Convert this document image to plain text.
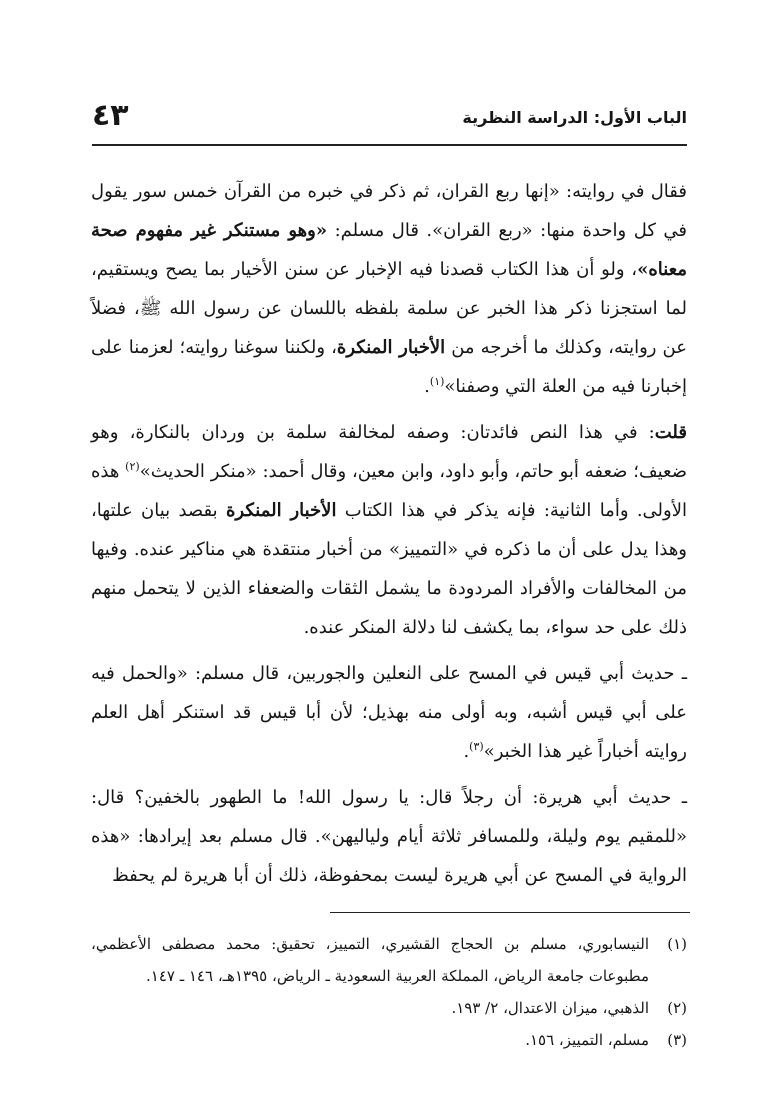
الباب الأول: الدراسة النظرية
٤٣

فقال في روايته: «إنها ربع القران، ثم ذكر في خبره من القرآن خمس سور يقول في كل واحدة منها: «ربع القران». قال مسلم: «وهو مستنكر غير مفهوم صحة معناه»، ولو أن هذا الكتاب قصدنا فيه الإخبار عن سنن الأخيار بما يصح ويستقيم، لما استجزنا ذكر هذا الخبر عن سلمة بلفظه باللسان عن رسول الله ﷺ، فضلاً عن روايته، وكذلك ما أخرجه من الأخبار المنكرة، ولكننا سوغنا روايته؛ لعزمنا على إخبارنا فيه من العلة التي وصفنا»$^{(١)}$.

قلت: في هذا النص فائدتان: وصفه لمخالفة سلمة بن وردان بالنكارة، وهو ضعيف؛ ضعفه أبو حاتم، وأبو داود، وابن معين، وقال أحمد: «منكر الحديث»$^{(٢)}$ هذه الأولى. وأما الثانية: فإنه يذكر في هذا الكتاب الأخبار المنكرة بقصد بيان علتها، وهذا يدل على أن ما ذكره في «التمييز» من أخبار منتقدة هي مناكير عنده. وفيها من المخالفات والأفراد المردودة ما يشمل الثقات والضعفاء الذين لا يتحمل منهم ذلك على حد سواء، بما يكشف لنا دلالة المنكر عنده.

ـ حديث أبي قيس في المسح على النعلين والجوربين، قال مسلم: «والحمل فيه على أبي قيس أشبه، وبه أولى منه بهذيل؛ لأن أبا قيس قد استنكر أهل العلم روايته أخباراً غير هذا الخبر»$^{(٣)}$.

ـ حديث أبي هريرة: أن رجلاً قال: يا رسول الله! ما الطهور بالخفين؟ قال: «للمقيم يوم وليلة، وللمسافر ثلاثة أيام ولياليهن». قال مسلم بعد إيرادها: «هذه الرواية في المسح عن أبي هريرة ليست بمحفوظة، ذلك أن أبا هريرة لم يحفظ

(١)
النيسابوري، مسلم بن الحجاج القشيري، التمييز، تحقيق: محمد مصطفى الأعظمي، مطبوعات جامعة الرياض، المملكة العربية السعودية ـ الرياض، ١٣٩٥هـ، ١٤٦ ـ ١٤٧.
(٢)
الذهبي، ميزان الاعتدال، ٢/ ١٩٣.
(٣)
مسلم، التمييز، ١٥٦.
